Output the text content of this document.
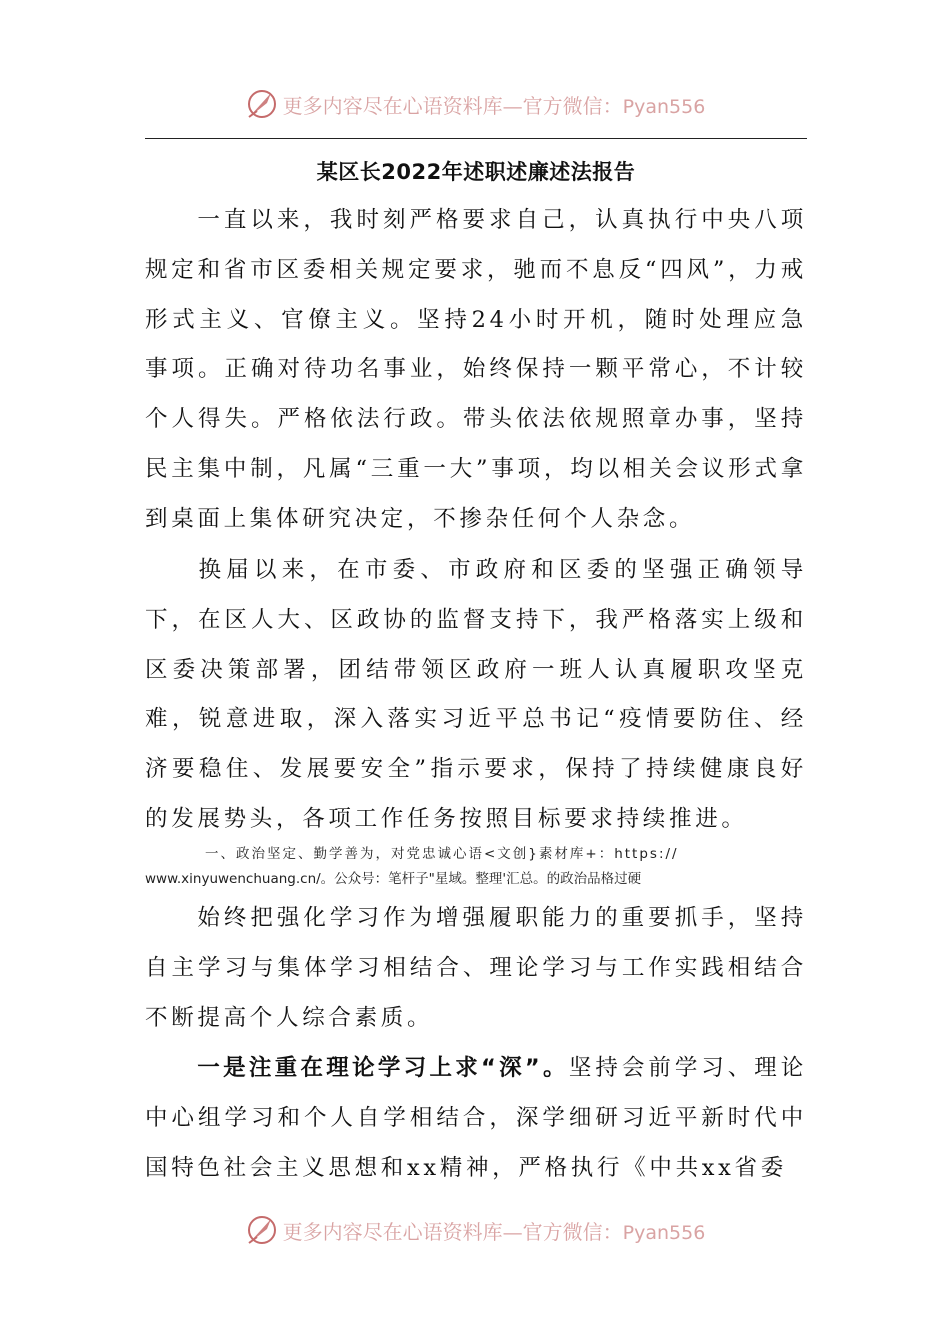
更多内容尽在心语资料库—官方微信：Pyan556
某区长2022年述职述廉述法报告

一直以来，我时刻严格要求自己，认真执行中央八项规定和省市区委相关规定要求，驰而不息反“四风”，力戒形式主义、官僚主义。坚持24小时开机，随时处理应急事项。正确对待功名事业，始终保持一颗平常心，不计较个人得失。严格依法行政。带头依法依规照章办事，坚持民主集中制，凡属“三重一大”事项，均以相关会议形式拿到桌面上集体研究决定，不掺杂任何个人杂念。

换届以来，在市委、市政府和区委的坚强正确领导下，在区人大、区政协的监督支持下，我严格落实上级和区委决策部署，团结带领区政府一班人认真履职攻坚克难，锐意进取，深入落实习近平总书记“疫情要防住、经济要稳住、发展要安全”指示要求，保持了持续健康良好的发展势头，各项工作任务按照目标要求持续推进。

一、政治坚定、勤学善为，对党忠诚心语<文创}素材库+：https://
www.xinyuwenchuang.cn/。公众号：笔杆子"星域。整理'汇总。的政治品格过硬

始终把强化学习作为增强履职能力的重要抓手，坚持自主学习与集体学习相结合、理论学习与工作实践相结合不断提高个人综合素质。

一是注重在理论学习上求“深”。坚持会前学习、理论中心组学习和个人自学相结合，深学细研习近平新时代中国特色社会主义思想和xx精神，严格执行《中共xx省委

更多内容尽在心语资料库—官方微信：Pyan556
